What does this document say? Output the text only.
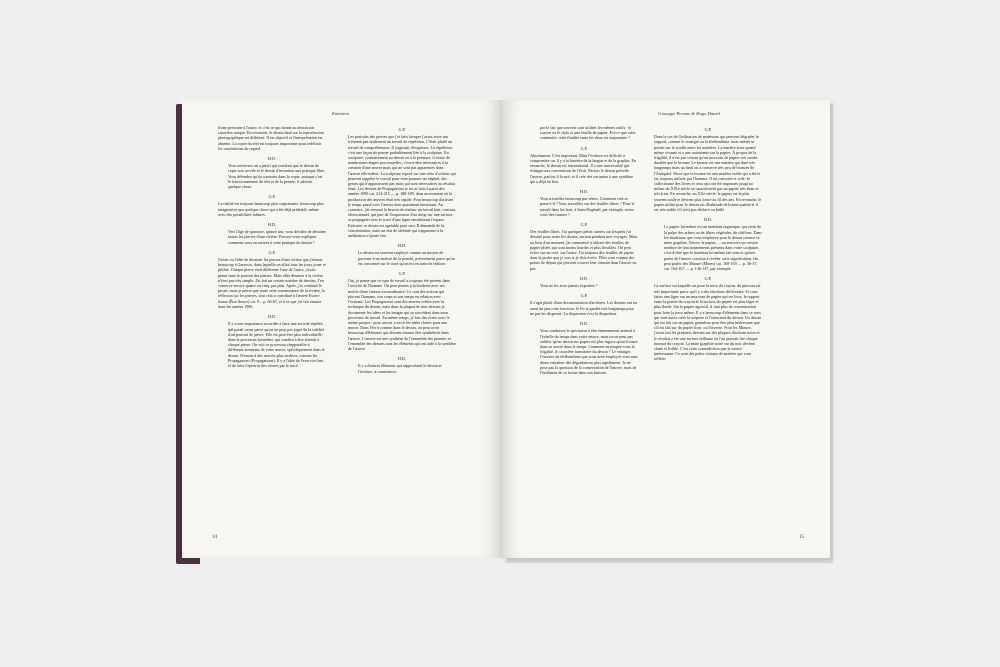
Entretien

d'une personne à l'autre, et c'est ce qui donne au dessin son caractère unique. En revanche, le dessin basé sur la reproduction photographique est différent. Il est objectif et l'interprétation est absente. La copie du réel est toujours importante pour redéfinir les conventions du regard.

H.D.

Vous renversez un a priori qui voudrait que le dessin de copie soit servile et le dessin d'invention une pratique libre. Vous défendez qu'au contraire dans la copie, puisque c'est le fonctionnement du réel et de la pensée, il advient quelque chose.

G.P.

La réalité est toujours beaucoup plus surprenante, beaucoup plus imaginative que quelque chose qui a été déjà préétabli, même avec des possibilités infinies.

H.D.

Vers l'âge de quatorze, quinze ans, vous décidez de dessiner toutes les pierres d'une rivière. Pouvez-vous expliquer comment vous en arrivez à cette pratique du dessin ?

G.P.

J'avais eu l'idée de dessiner les pierres d'une rivière que j'aimais beaucoup à Garessio, dans laquelle on allait tous les jours jouer et pêcher. Chaque pierre était différente l'une de l'autre, j'avais pensé faire le portrait des pierres. Mais aller dessiner à la rivière n'était pas très simple. J'ai fait un certain nombre de dessins. J'en conserve encore quatre ou cinq, pas plus. Après, j'ai continué le projet, mais je pense que toute cette connaissance de la rivière, la réflexion sur les pierres, tout cela a contribué à l'œuvre Essere fiume (Être fleuve) cat. 8 – p. 66-67, et à ce que j'ai fait ensuite dans les années 1980.

H.D.

Il y a une importance accordée à faire une activité répétée, qui paraît vaine parce qu'on ne peut pas juger de la validité d'un portrait de pierre. Elle est peut-être plus individuelle, dans le processus lui-même, qui conduit à être attentif à chaque pierre. On voit ce processus réapparaître à différents moments de votre œuvre, spécifiquement dans le dessin. Prenons à des œuvres plus tardives, comme les Propagazioni (Propagations). Il y a l'idée de l'exercice lent et de faire l'épreuve des choses par le tracé.

G.P.

Les portraits des pierres que j'ai faits lorsque j'avais seize ans n'étaient pas seulement un travail de répétition. C'était plutôt un travail de compréhension. Il s'agissait d'esquisses. La répétition, c'est une façon de penser probablement liée à la sculpture. En sculpture, contrairement au dessin ou à la peinture, il existe de nombreuses étapes processuelles, c'est-à-dire nécessaires à la création d'une œuvre mais qui ne sont pas apparentes dans l'œuvre elle-même. La sculpture repose sur une série d'actions qui peuvent rappeler le travail pour faire pousser un végétal, des gestes qui n'apparaissent pas mais qui sont nécessaires au résultat final. Les dessins de Propagazioni je les ai faits à partir des années 1990 cat. 214-215 — p. 188-189, dans un moment où la production des œuvres était très rapide. Pour beaucoup d'artistes le temps passé avec l'œuvre était quasiment inexistant. Au contraire, j'ai ressenti le besoin de réaliser un travail lent, continu, obsessionnel, qui part de l'impression d'un doigt sur une surface, se propageait avec le tracé d'une ligne envahissant l'espace. Exécuter ce dessin est agréable pour moi. Il demande de la concentration, mais un état de sérénité qui s'apparente à la méditation s'ajoute vite.

H.D.

Le dessin est souvent employé comme un moyen de parvenir à un endroit de la pensée, précisément parce qu'on est concentré sur le tracé qu'on est en train de réaliser.

G.P.

Oui, je pense que ce type de travail a toujours été présent dans l'activité de l'homme. On peut penser à la broderie avec ses motifs d'une finesse extraordinaire. Ce sont des actions qui placent l'homme, son corps et son temps en relation avec l'existant. Les Propagazioni sont des œuvres créées avec la technique du dessin, mais dans la plupart de mes dessins je documente les idées et les images qui se succèdent dans mon processus de travail. En même temps, je fais des écrits avec le même propos : pour arriver à avoir les idées claires pour une œuvre. Dans l'écrit comme dans le dessin, on peut avoir beaucoup d'éléments qui doivent ensuite être synthétisés dans l'œuvre. L'œuvre est une synthèse de l'ensemble des pensées et l'ensemble des dessins sont les éléments qui ont aidé à la synthèse de l'œuvre.

H.D.

Il y a d'autres éléments qui rapprochent le dessin et l'écriture, à commencer

14
Giuseppe Penone & Hugo Daniel

par le fait que souvent sont utilisés les mêmes outils : le crayon ou le stylo et une feuille de papier. Est-ce que cette continuité, cette fluidité entre les deux est importante ?

G.P.

Absolument. C'est important. Mais l'écriture est difficile à comprendre car il y a la barrière de la langue et de la graphie. En revanche, le dessin est international. Il a une universalité qui échappe aux conventions de l'écrit. Parfois le dessin précède l'œuvre, parfois il la suit, et il crée des variantes à une synthèse qui a déjà eu lieu.

H.D.

Vous travaillez beaucoup par séries. Comment cela se passe-t-il ? Vous travaillez sur des feuilles libres ? Pour le travail dans les bois, à Saint-Raphaël, par exemple, aviez-vous des carnets ?

G.P.

Des feuilles libres. J'ai quelques petits carnets sur lesquels j'ai dessiné pour noter les choses, surtout pendant mes voyages. Mais au bout d'un moment j'ai commencé à utiliser des feuilles de papier pliées qui sont moins lourdes et plus flexibles. On peut écrire sur un coté, sur l'autre. J'ai toujours des feuilles de papier dans la poche que je sors si je dois écrire. Elles sont comme des points de départ qui peuvent trouver leur chemin dans l'œuvre ou pas.

H.D.

Vous ne les avez jamais exposées ?

G.P.

Il s'agit plutôt d'une documentation d'archives. Les dessins ont eu aussi un peu cette fonction. Je les ai gardés très longtemps pour ne pas les disperser. La dispersion c'est la disparition.

H.D.

Vous conduisez le spectateur à être éminemment attentif à l'échelle du temps dans votre œuvre, mais on ne peut pas oublier qu'un dessin sur papier est plus fugace qu'un bronze dans sa survie dans le temps. Comment envisagez-vous la fragilité, le caractère transitoire du dessin ? Le vinaigre, l'essence de térébenthine que vous avez employés vont sans doute entraîner des dégradations plus rapidement. Je ne pose pas la question de la conservation de l'œuvre, mais de l'évolution de sa forme dans son histoire.

G.P.

Dans le cas de l'utilisation de matériaux qui peuvent dégrader le support, comme le vinaigre ou la térébenthine, mon intérêt se portait sur le conflit entre les matières. La matière reste quand même vivante et a une autonomie sur le papier. À propos de la fragilité, il n'est pas certain qu'un morceau de papier soit moins durable que le bronze. Le bronze est une matière qui dure très longtemps mais au final on a conservé très peu de bronzes de l'Antiquité. Parce que le bronze est une matière noble qui a été et est toujours utilisée par l'homme. Il est convoité et volé. Je collectionne des livres et ceux qui ont été imprimés jusqu'au milieu du XIXe siècle se caractérisent par un papier très beau et très frais. En revanche, au XXe siècle, le papier est le plus souvent acide et devient plus foncé au fil des ans. En revanche, le papier utilisé pour le dessin est d'habitude de bonne qualité et il est très stable s'il n'est pas déchiré ou brûlé.

H.D.

Le papier lui-même est un matériau organique, qui vient de la pulpe des arbres ou de fibres végétales, de chiffons. Dans les matériaux que vous employez pour le dessin comme la mine graphite, l'encre, le papier, ... on retrouve un certain nombre de fonctionnements présents dans votre sculpture, c'est-à-dire que le matériau lui-même fait sens et qu'une partie de l'œuvre consiste à révéler cette signification. On peut parler des Minure (Mines) cat. 168-169 — p. 36-37, cat. 164-167 — p. 146-147, par exemple.

G.P.

La surface sur laquelle on pose la trace du crayon, du pinceau est très importante parce qu'il y a des réactions différentes. Si vous faites une ligne sur un morceau de papier qui est lisse, le rapport entre la pointe du crayon et la surface du papier est plus léger et plus fluide. Sur le papier agressif, il faut plus de concentration pour faire la trace même. Il y a beaucoup d'éléments dans ce sens qui vont aussi créer la surprise et l'attraction du dessin. Un dessin qui est fait sur un papier granuleux peut être plus intéressant que s'il est fait sur du papier lisse, ou l'inverse. Pour les Minure, j'avais fait les premiers dessins sur des plaques d'ardoise noire et le résultat a été une surface brillante où l'on pouvait lire chaque marque du crayon. La mine graphite noire sur du noir devient claire et lisible. C'est cette contradiction que je trouve intéressante. Ce sont des petits cristaux de matière qui vont refléter

15
